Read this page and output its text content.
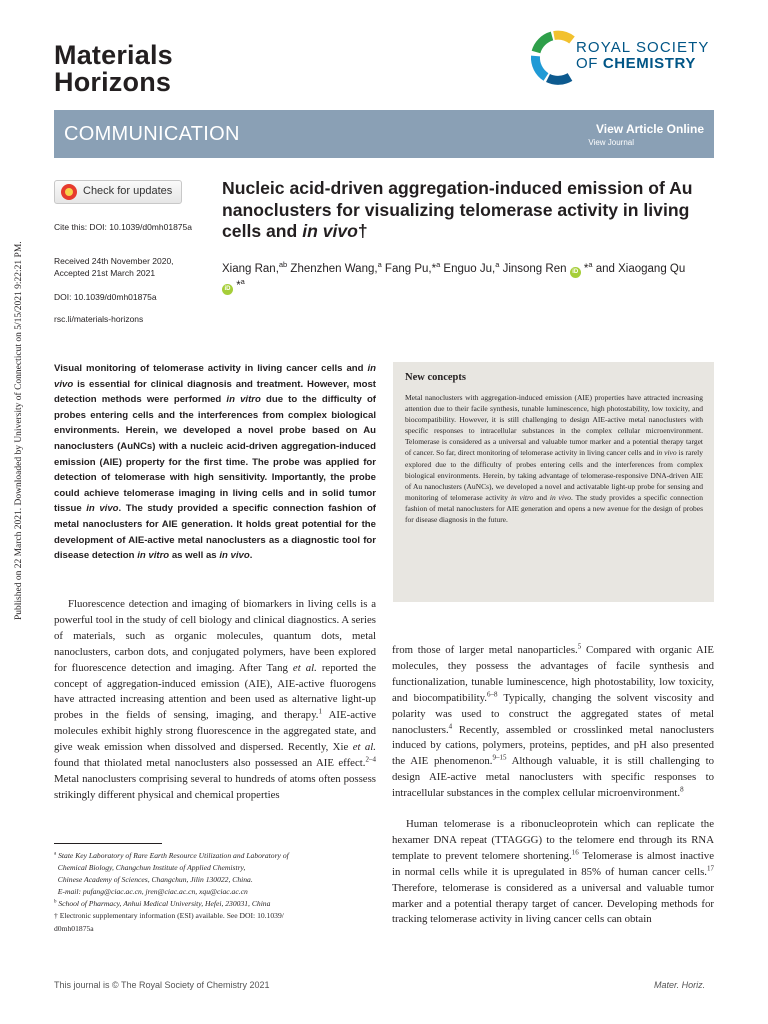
Materials
Horizons
ROYAL SOCIETY
OF CHEMISTRY
COMMUNICATION	View Article Online
View Journal
Published on 22 March 2021. Downloaded by University of Connecticut on 5/15/2021 9:22:21 PM.
Check for updates
Cite this: DOI: 10.1039/d0mh01875a
Received 24th November 2020,
Accepted 21st March 2021
DOI: 10.1039/d0mh01875a
rsc.li/materials-horizons
Nucleic acid-driven aggregation-induced emission of Au nanoclusters for visualizing telomerase activity in living cells and in vivo†
Xiang Ran,$^{ab}$ Zhenzhen Wang,$^a$ Fang Pu,*$^a$ Enguo Ju,$^a$ Jinsong Ren iD *$^a$ and Xiaogang Qu iD *$^a$
Visual monitoring of telomerase activity in living cancer cells and in vivo is essential for clinical diagnosis and treatment. However, most detection methods were performed in vitro due to the difficulty of probes entering cells and the interferences from complex biological environments. Herein, we developed a novel probe based on Au nanoclusters (AuNCs) with a nucleic acid-driven aggregation-induced emission (AIE) property for the first time. The probe was applied for detection of telomerase with high sensitivity. Importantly, the probe could achieve telomerase imaging in living cells and in solid tumor tissue in vivo. The study provided a specific connection fashion of metal nanoclusters for AIE generation. It holds great potential for the development of AIE-active metal nanoclusters as a diagnostic tool for disease detection in vitro as well as in vivo.
New concepts
Metal nanoclusters with aggregation-induced emission (AIE) properties have attracted increasing attention due to their facile synthesis, tunable luminescence, high photostability, low toxicity, and biocompatibility. However, it is still challenging to design AIE-active metal nanoclusters with specific responses to intracellular substances in the complex cellular microenvironment. Telomerase is considered as a universal and valuable tumor marker and a potential therapy target of cancer. So far, direct monitoring of telomerase activity in living cancer cells and in vivo is rarely explored due to the difficulty of probes entering cells and the interferences from complex biological environments. Herein, by taking advantage of telomerase-responsive DNA-driven AIE of Au nanoclusters (AuNCs), we developed a novel and activatable light-up probe for sensing and monitoring of telomerase activity in vitro and in vivo. The study provides a specific connection fashion of metal nanoclusters for AIE generation and opens a new avenue for the design of probes for disease diagnosis in the future.
Fluorescence detection and imaging of biomarkers in living cells is a powerful tool in the study of cell biology and clinical diagnostics. A series of materials, such as organic molecules, quantum dots, metal nanoclusters, carbon dots, and conjugated polymers, have been explored for fluorescence detection and imaging. After Tang et al. reported the concept of aggregation-induced emission (AIE), AIE-active fluorogens have attracted increasing attention and been used as alternative light-up probes in the fields of sensing, imaging, and therapy.$^1$ AIE-active molecules exhibit highly strong fluorescence in the aggregated state, and give weak emission when dissolved and dispersed. Recently, Xie et al. found that thiolated metal nanoclusters also possessed an AIE effect.$^{2-4}$ Metal nanoclusters comprising several to hundreds of atoms often possess strikingly different physical and chemical properties
from those of larger metal nanoparticles.$^5$ Compared with organic AIE molecules, they possess the advantages of facile synthesis and functionalization, tunable luminescence, high photostability, low toxicity, and biocompatibility.$^{6-8}$ Typically, changing the solvent viscosity and polarity was used to construct the aggregated states of metal nanoclusters.$^4$ Recently, assembled or crosslinked metal nanoclusters induced by cations, polymers, proteins, peptides, and pH also presented the AIE phenomenon.$^{9-15}$ Although valuable, it is still challenging to design AIE-active metal nanoclusters with specific responses to intracellular substances in the complex cellular microenvironment.$^8$
Human telomerase is a ribonucleoprotein which can replicate the hexamer DNA repeat (TTAGGG) to the telomere end through its RNA template to prevent telomere shortening.$^{16}$ Telomerase is almost inactive in normal cells while it is upregulated in 85% of human cancer cells.$^{17}$ Therefore, telomerase is considered as a universal and valuable tumor marker and a potential therapy target of cancer. Developing methods for tracking telomerase activity in living cancer cells can obtain
$^a$ State Key Laboratory of Rare Earth Resource Utilization and Laboratory of
Chemical Biology, Changchun Institute of Applied Chemistry,
Chinese Academy of Sciences, Changchun, Jilin 130022, China.
E-mail: pufang@ciac.ac.cn, jren@ciac.ac.cn, xqu@ciac.ac.cn
$^b$ School of Pharmacy, Anhui Medical University, Hefei, 230031, China
† Electronic supplementary information (ESI) available. See DOI: 10.1039/
d0mh01875a
This journal is © The Royal Society of Chemistry 2021	Mater. Horiz.
